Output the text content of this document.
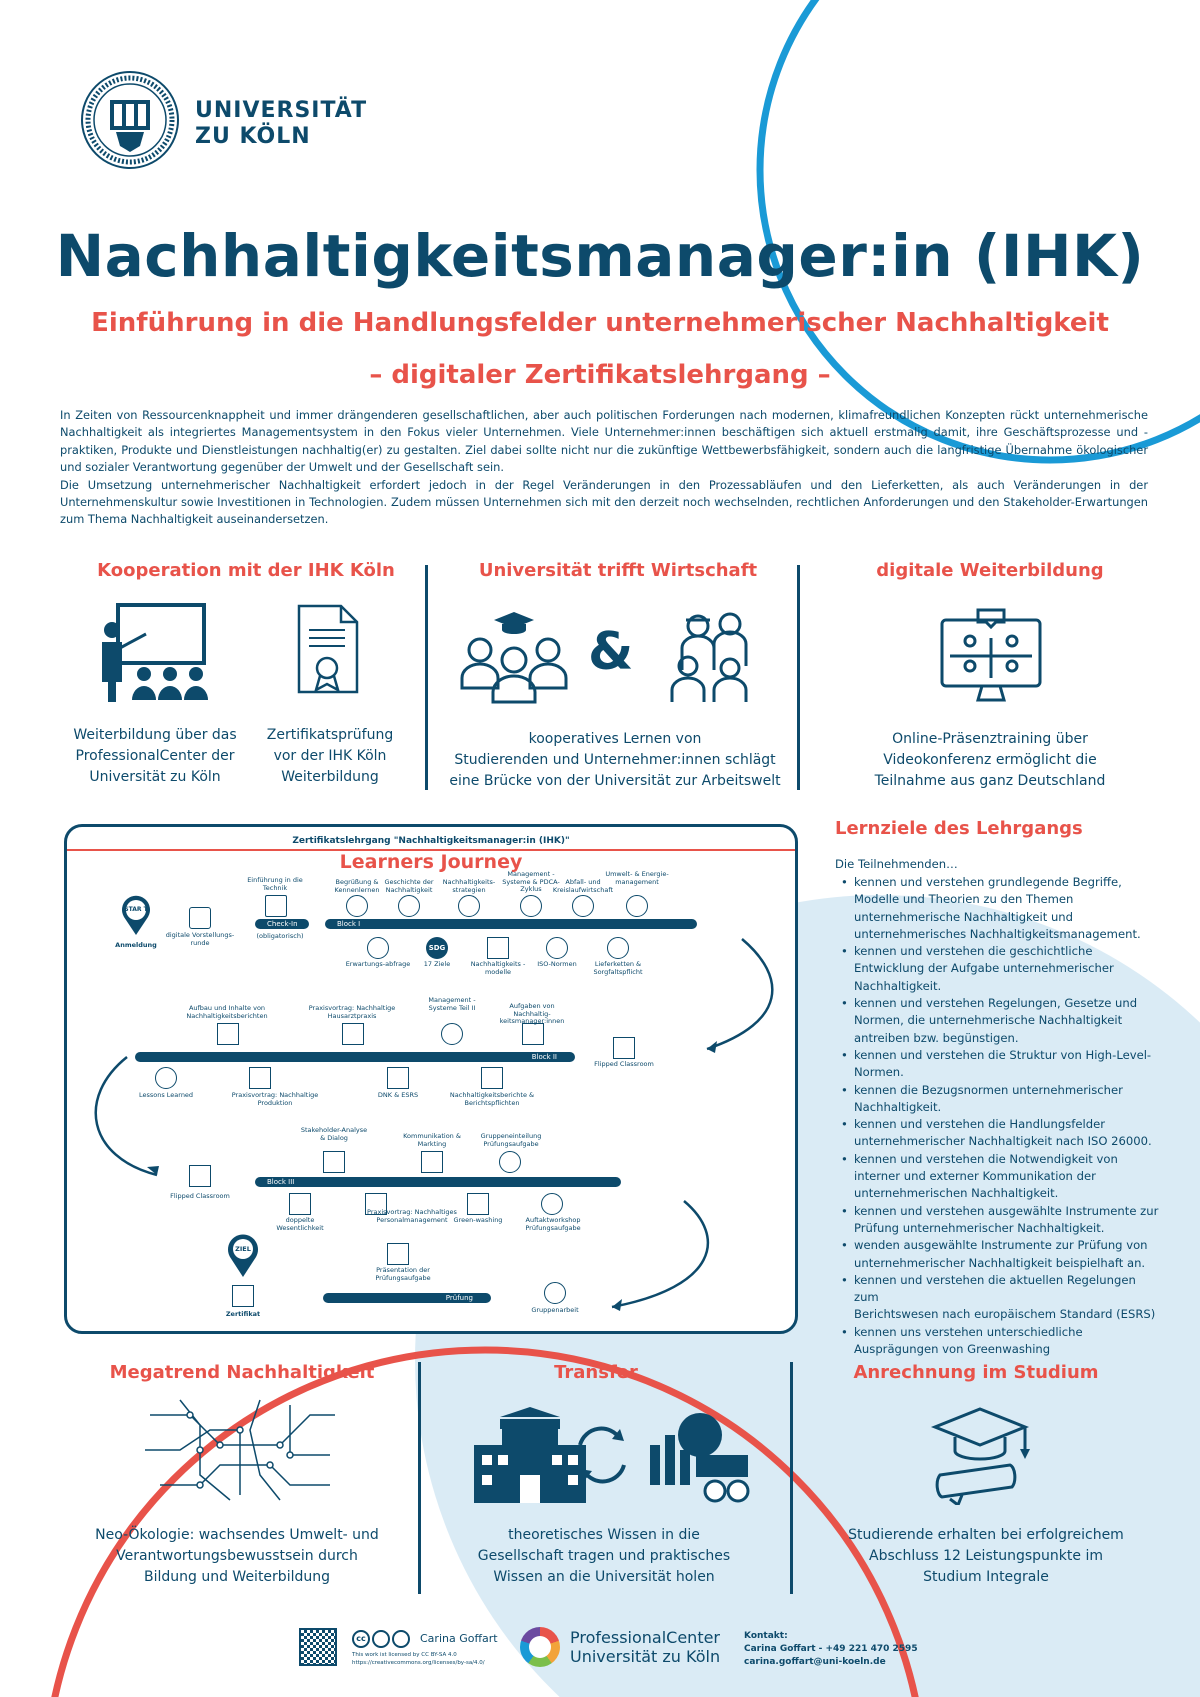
UNIVERSITÄT
ZU KÖLN
Nachhaltigkeitsmanager:in (IHK)
Einführung in die Handlungsfelder unternehmerischer Nachhaltigkeit
– digitaler Zertifikatslehrgang –

In Zeiten von Ressourcenknappheit und immer drängenderen gesellschaftlichen, aber auch politischen Forderungen nach modernen, klimafreundlichen Konzepten rückt unternehmerische Nachhaltigkeit als integriertes Managementsystem in den Fokus vieler Unternehmen. Viele Unternehmer:innen beschäftigen sich aktuell erstmalig damit, ihre Geschäftsprozesse und -praktiken, Produkte und Dienstleistungen nachhaltig(er) zu gestalten. Ziel dabei sollte nicht nur die zukünftige Wettbewerbsfähigkeit, sondern auch die langfristige Übernahme ökologischer und sozialer Verantwortung gegenüber der Umwelt und der Gesellschaft sein.

Die Umsetzung unternehmerischer Nachhaltigkeit erfordert jedoch in der Regel Veränderungen in den Prozessabläufen und den Lieferketten, als auch Veränderungen in der Unternehmenskultur sowie Investitionen in Technologien. Zudem müssen Unternehmen sich mit den derzeit noch wechselnden, rechtlichen Anforderungen und den Stakeholder-Erwartungen zum Thema Nachhaltigkeit auseinandersetzen.

Kooperation mit der IHK Köln	Universität trifft Wirtschaft	digitale Weiterbildung
Weiterbildung über das
ProfessionalCenter der
Universität zu Köln
Zertifikatsprüfung
vor der IHK Köln
Weiterbildung
&
kooperatives Lernen von
Studierenden und Unternehmer:innen schlägt
eine Brücke von der Universität zur Arbeitswelt
Online-Präsenztraining über
Videokonferenz ermöglicht die
Teilnahme aus ganz Deutschland
Zertifikatslehrgang "Nachhaltigkeitsmanager:in (IHK)"
Learners Journey
STAR T
Anmeldung
digitale Vorstellungs-runde
Einführung in die Technik
Check-In
(obligatorisch)
Block I
Begrüßung & Kennenlernen
Geschichte der Nachhaltigkeit
Nachhaltigkeits-strategien
Management -Systeme & PDCA-Zyklus
Abfall- und Kreislaufwirtschaft
Umwelt- & Energie-management
Erwartungs-abfrage
SDG
17 Ziele	Nachhaltigkeits -modelle
ISO-Normen	Lieferketten & Sorgfaltspflicht
Aufbau und Inhalte von Nachhaltigkeitsberichten
Praxisvortrag: Nachhaltige Hausarztpraxis
Management -Systeme Teil II	Aufgaben von Nachhaltig-keitsmanager:innen
Block II
Flipped Classroom
Lessons Learned	Praxisvortrag: Nachhaltige Produktion
DNK & ESRS	Nachhaltigkeitsberichte & Berichtspflichten
Stakeholder-Analyse & Dialog	Kommunikation & Markting
Gruppeneinteilung Prüfungsaufgabe
Flipped Classroom
Block III
doppelte Wesentlichkeit
Praxisvortrag: Nachhaltiges Personalmanagement Green-washing	Auftaktworkshop Prüfungsaufgabe
ZIEL
Zertifikat
Präsentation der Prüfungsaufgabe
Prüfung
Gruppenarbeit
Lernziele des Lehrgangs
Die Teilnehmenden…
• kennen und verstehen grundlegende Begriffe,
Modelle und Theorien zu den Themen
unternehmerische Nachhaltigkeit und
unternehmerisches Nachhaltigkeitsmanagement.
• kennen und verstehen die geschichtliche
Entwicklung der Aufgabe unternehmerischer
Nachhaltigkeit.
• kennen und verstehen Regelungen, Gesetze und
Normen, die unternehmerische Nachhaltigkeit
antreiben bzw. begünstigen.
• kennen und verstehen die Struktur von High-Level-
Normen.
• kennen die Bezugsnormen unternehmerischer
Nachhaltigkeit.
• kennen und verstehen die Handlungsfelder
unternehmerischer Nachhaltigkeit nach ISO 26000.
• kennen und verstehen die Notwendigkeit von
interner und externer Kommunikation der
unternehmerischen Nachhaltigkeit.
• kennen und verstehen ausgewählte Instrumente zur
Prüfung unternehmerischer Nachhaltigkeit.
• wenden ausgewählte Instrumente zur Prüfung von
unternehmerischer Nachhaltigkeit beispielhaft an.
• kennen und verstehen die aktuellen Regelungen zum
Berichtswesen nach europäischem Standard (ESRS)
• kennen uns verstehen unterschiedliche
Ausprägungen von Greenwashing
Megatrend Nachhaltigkeit	Transfer	Anrechnung im Studium
Neo-Ökologie: wachsendes Umwelt- und
Verantwortungsbewusstsein durch
Bildung und Weiterbildung
theoretisches Wissen in die
Gesellschaft tragen und praktisches
Wissen an die Universität holen
Studierende erhalten bei erfolgreichem
Abschluss 12 Leistungspunkte im
Studium Integrale
cc	Carina Goffart
This work ist licensed by CC BY-SA 4.0
https://creativecommons.org/licenses/by-sa/4.0/
ProfessionalCenter
Universität zu Köln
Kontakt:
Carina Goffart - +49 221 470 2595
carina.goffart@uni-koeln.de
